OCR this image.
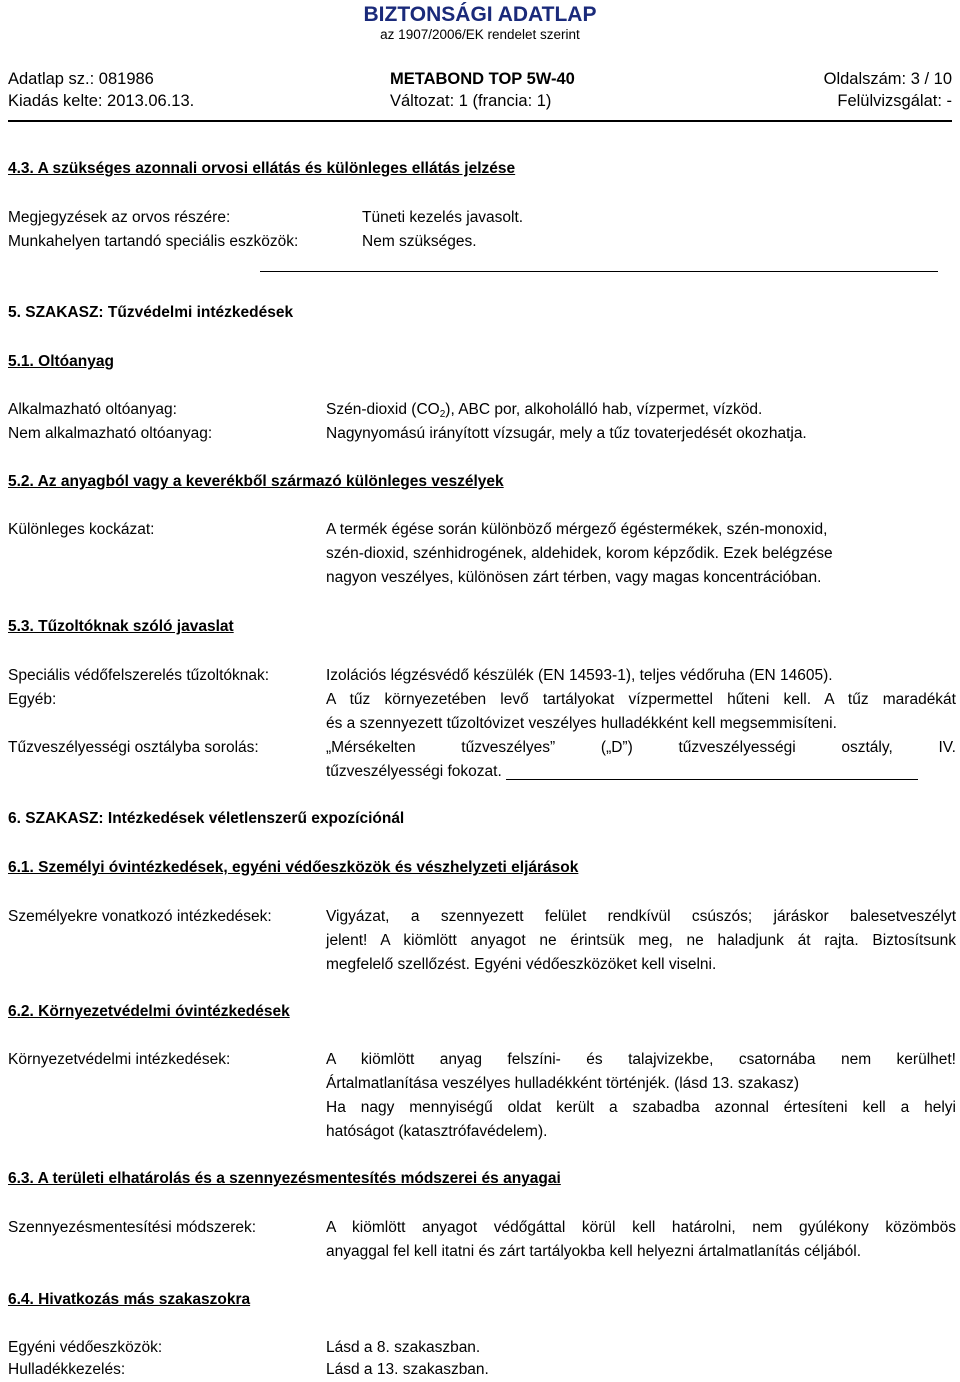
BIZTONSÁGI ADATLAP
az 1907/2006/EK rendelet szerint
Adatlap sz.: 081986	METABOND TOP 5W-40	Oldalszám: 3 / 10
Kiadás kelte: 2013.06.13.	Változat: 1 (francia: 1)	Felülvizsgálat: -
4.3. A szükséges azonnali orvosi ellátás és különleges ellátás jelzése
Megjegyzések az orvos részére:	Tüneti kezelés javasolt.
Munkahelyen tartandó speciális eszközök:	Nem szükséges.
5. SZAKASZ: Tűzvédelmi intézkedések
5.1. Oltóanyag
Alkalmazható oltóanyag:	Szén-dioxid $(CO_2)$, ABC por, alkoholálló hab, vízpermet, vízköd.
Nem alkalmazható oltóanyag:	Nagynyomású irányított vízsugár, mely a tűz tovaterjedését okozhatja.
5.2. Az anyagból vagy a keverékből származó különleges veszélyek
Különleges kockázat:	A termék égése során különböző mérgező égéstermékek, szén-monoxid,
szén-dioxid, szénhidrogének, aldehidek, korom képződik. Ezek belégzése
nagyon veszélyes, különösen zárt térben, vagy magas koncentrációban.
5.3. Tűzoltóknak szóló javaslat
Speciális védőfelszerelés tűzoltóknak:	Izolációs légzésvédő készülék (EN 14593-1), teljes védőruha (EN 14605).
Egyéb:	A tűz környezetében levő tartályokat vízpermettel hűteni kell. A tűz maradékát
és a szennyezett tűzoltóvizet veszélyes hulladékként kell megsemmisíteni.
Tűzveszélyességi osztályba sorolás:	„Mérsékelten tűzveszélyes” („D”) tűzveszélyességi osztály, IV.
tűzveszélyességi fokozat.
6. SZAKASZ: Intézkedések véletlenszerű expozíciónál
6.1. Személyi óvintézkedések, egyéni védőeszközök és vészhelyzeti eljárások
Személyekre vonatkozó intézkedések:	Vigyázat, a szennyezett felület rendkívül csúszós; járáskor balesetveszélyt
jelent! A kiömlött anyagot ne érintsük meg, ne haladjunk át rajta. Biztosítsunk
megfelelő szellőzést. Egyéni védőeszközöket kell viselni.
6.2. Környezetvédelmi óvintézkedések
Környezetvédelmi intézkedések:	A kiömlött anyag felszíni- és talajvizekbe, csatornába nem kerülhet!
Ártalmatlanítása veszélyes hulladékként történjék. (lásd 13. szakasz)
Ha nagy mennyiségű oldat került a szabadba azonnal értesíteni kell a helyi
hatóságot (katasztrófavédelem).
6.3. A területi elhatárolás és a szennyezésmentesítés módszerei és anyagai
Szennyezésmentesítési módszerek:	A kiömlött anyagot védőgáttal körül kell határolni, nem gyúlékony közömbös
anyaggal fel kell itatni és zárt tartályokba kell helyezni ártalmatlanítás céljából.
6.4. Hivatkozás más szakaszokra
Egyéni védőeszközök:	Lásd a 8. szakaszban.
Hulladékkezelés:	Lásd a 13. szakaszban.
